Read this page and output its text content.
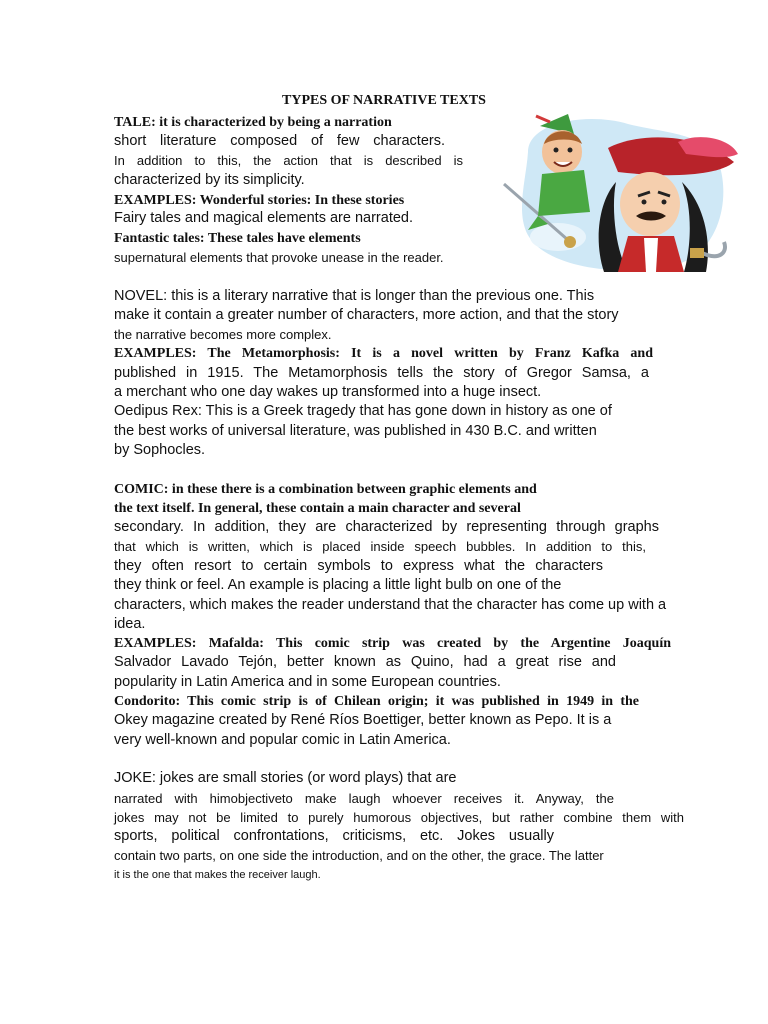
TYPES OF NARRATIVE TEXTS
TALE: it is characterized by being a narration
short literature composed of few characters.
In addition to this, the action that is described is
characterized by its simplicity.
EXAMPLES: Wonderful stories: In these stories
Fairy tales and magical elements are narrated.
Fantastic tales: These tales have elements
supernatural elements that provoke unease in the reader.
NOVEL: this is a literary narrative that is longer than the previous one. This
make it contain a greater number of characters, more action, and that the story
the narrative becomes more complex.
EXAMPLES: The Metamorphosis: It is a novel written by Franz Kafka and
published in 1915. The Metamorphosis tells the story of Gregor Samsa, a
a merchant who one day wakes up transformed into a huge insect.
Oedipus Rex: This is a Greek tragedy that has gone down in history as one of
the best works of universal literature, was published in 430 B.C. and written
by Sophocles.
COMIC: in these there is a combination between graphic elements and
the text itself. In general, these contain a main character and several
secondary. In addition, they are characterized by representing through graphs
that which is written, which is placed inside speech bubbles. In addition to this,
they often resort to certain symbols to express what the characters
they think or feel. An example is placing a little light bulb on one of the
characters, which makes the reader understand that the character has come up with a
idea.
EXAMPLES: Mafalda: This comic strip was created by the Argentine Joaquín
Salvador Lavado Tejón, better known as Quino, had a great rise and
popularity in Latin America and in some European countries.
Condorito: This comic strip is of Chilean origin; it was published in 1949 in the
Okey magazine created by René Ríos Boettiger, better known as Pepo. It is a
very well-known and popular comic in Latin America.
JOKE: jokes are small stories (or word plays) that are
narrated with himobjectiveto make laugh whoever receives it. Anyway, the
jokes may not be limited to purely humorous objectives, but rather combine them with
sports, political confrontations, criticisms, etc. Jokes usually
contain two parts, on one side the introduction, and on the other, the grace. The latter
it is the one that makes the receiver laugh.
